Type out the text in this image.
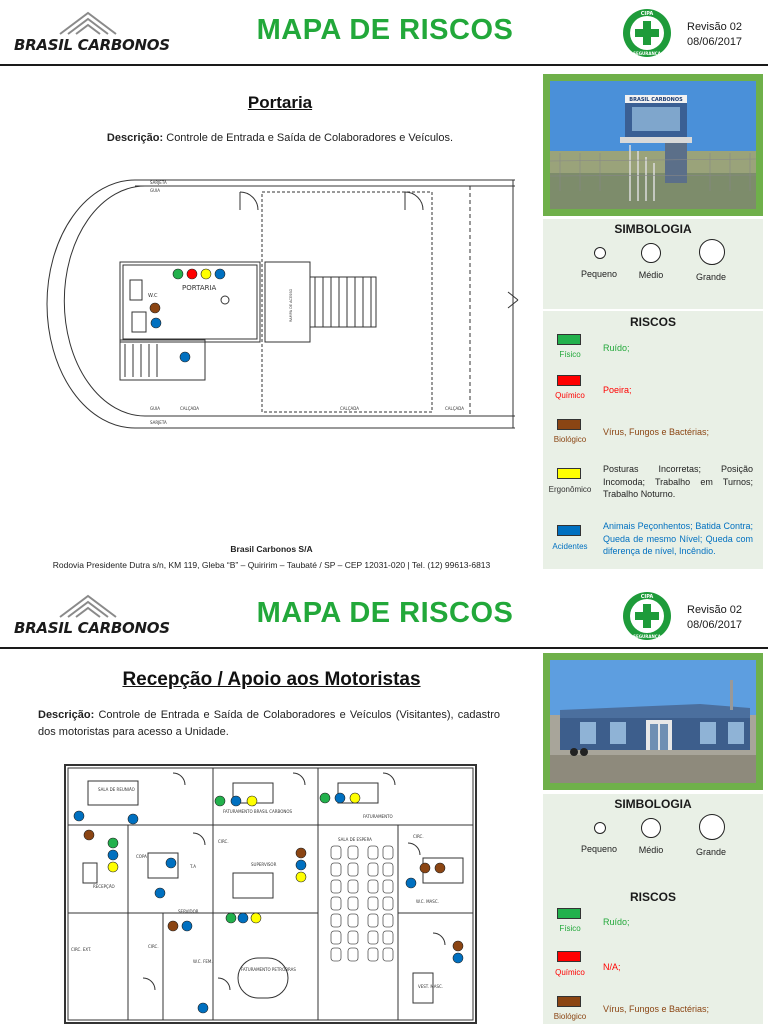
BRASIL CARBONOS	MAPA DE RISCOS	CIPA
SEGURANÇA
Revisão 02
08/06/2017
Portaria
Descrição: Controle de Entrada e Saída de Colaboradores e Veículos.
SARJETA
GUIA
GUIA	CALÇADA	CALÇADA	CALÇADA
SARJETA
W.C	RAMPA DE ACESSO
PORTARIA
BRASIL CARBONOS
SIMBOLOGIA
Pequeno	Médio	Grande
RISCOS
Físico
Ruído;
Químico
Poeira;
Biológico
Vírus, Fungos e Bactérias;
Ergonômico
Posturas Incorretas; Posição Incomoda; Trabalho em Turnos; Trabalho Noturno.
Acidentes
Animais Peçonhentos; Batida Contra; Queda de mesmo Nível; Queda com diferença de nível, Incêndio.
Brasil Carbonos S/A
Rodovia Presidente Dutra s/n, KM 119, Gleba “B” – Quiririm – Taubaté / SP – CEP 12031-020 | Tel. (12) 99613-6813
BRASIL CARBONOS	MAPA DE RISCOS	CIPA
SEGURANÇA
Revisão 02
08/06/2017
Recepção / Apoio aos Motoristas
Descrição: Controle de Entrada e Saída de Colaboradores e Veículos (Visitantes), cadastro dos motoristas para acesso a Unidade.
SALA DE REUNIÃO
FATURAMENTO BRASIL CARBONOS
FATURAMENTO
CIRC.
CIRC.
CIRC.
COPA
RECEPÇÃO
SUPERVISOR
SALA DE ESPERA
SERVIDOR
FATURAMENTO PETROBRAS
W.C. MASC.
W.C. FEM.
VEST. MASC.
CIRC. EXT.
T.A
SIMBOLOGIA
Pequeno	Médio	Grande
RISCOS
Físico
Ruído;
Químico
N/A;
Biológico
Vírus, Fungos e Bactérias;
